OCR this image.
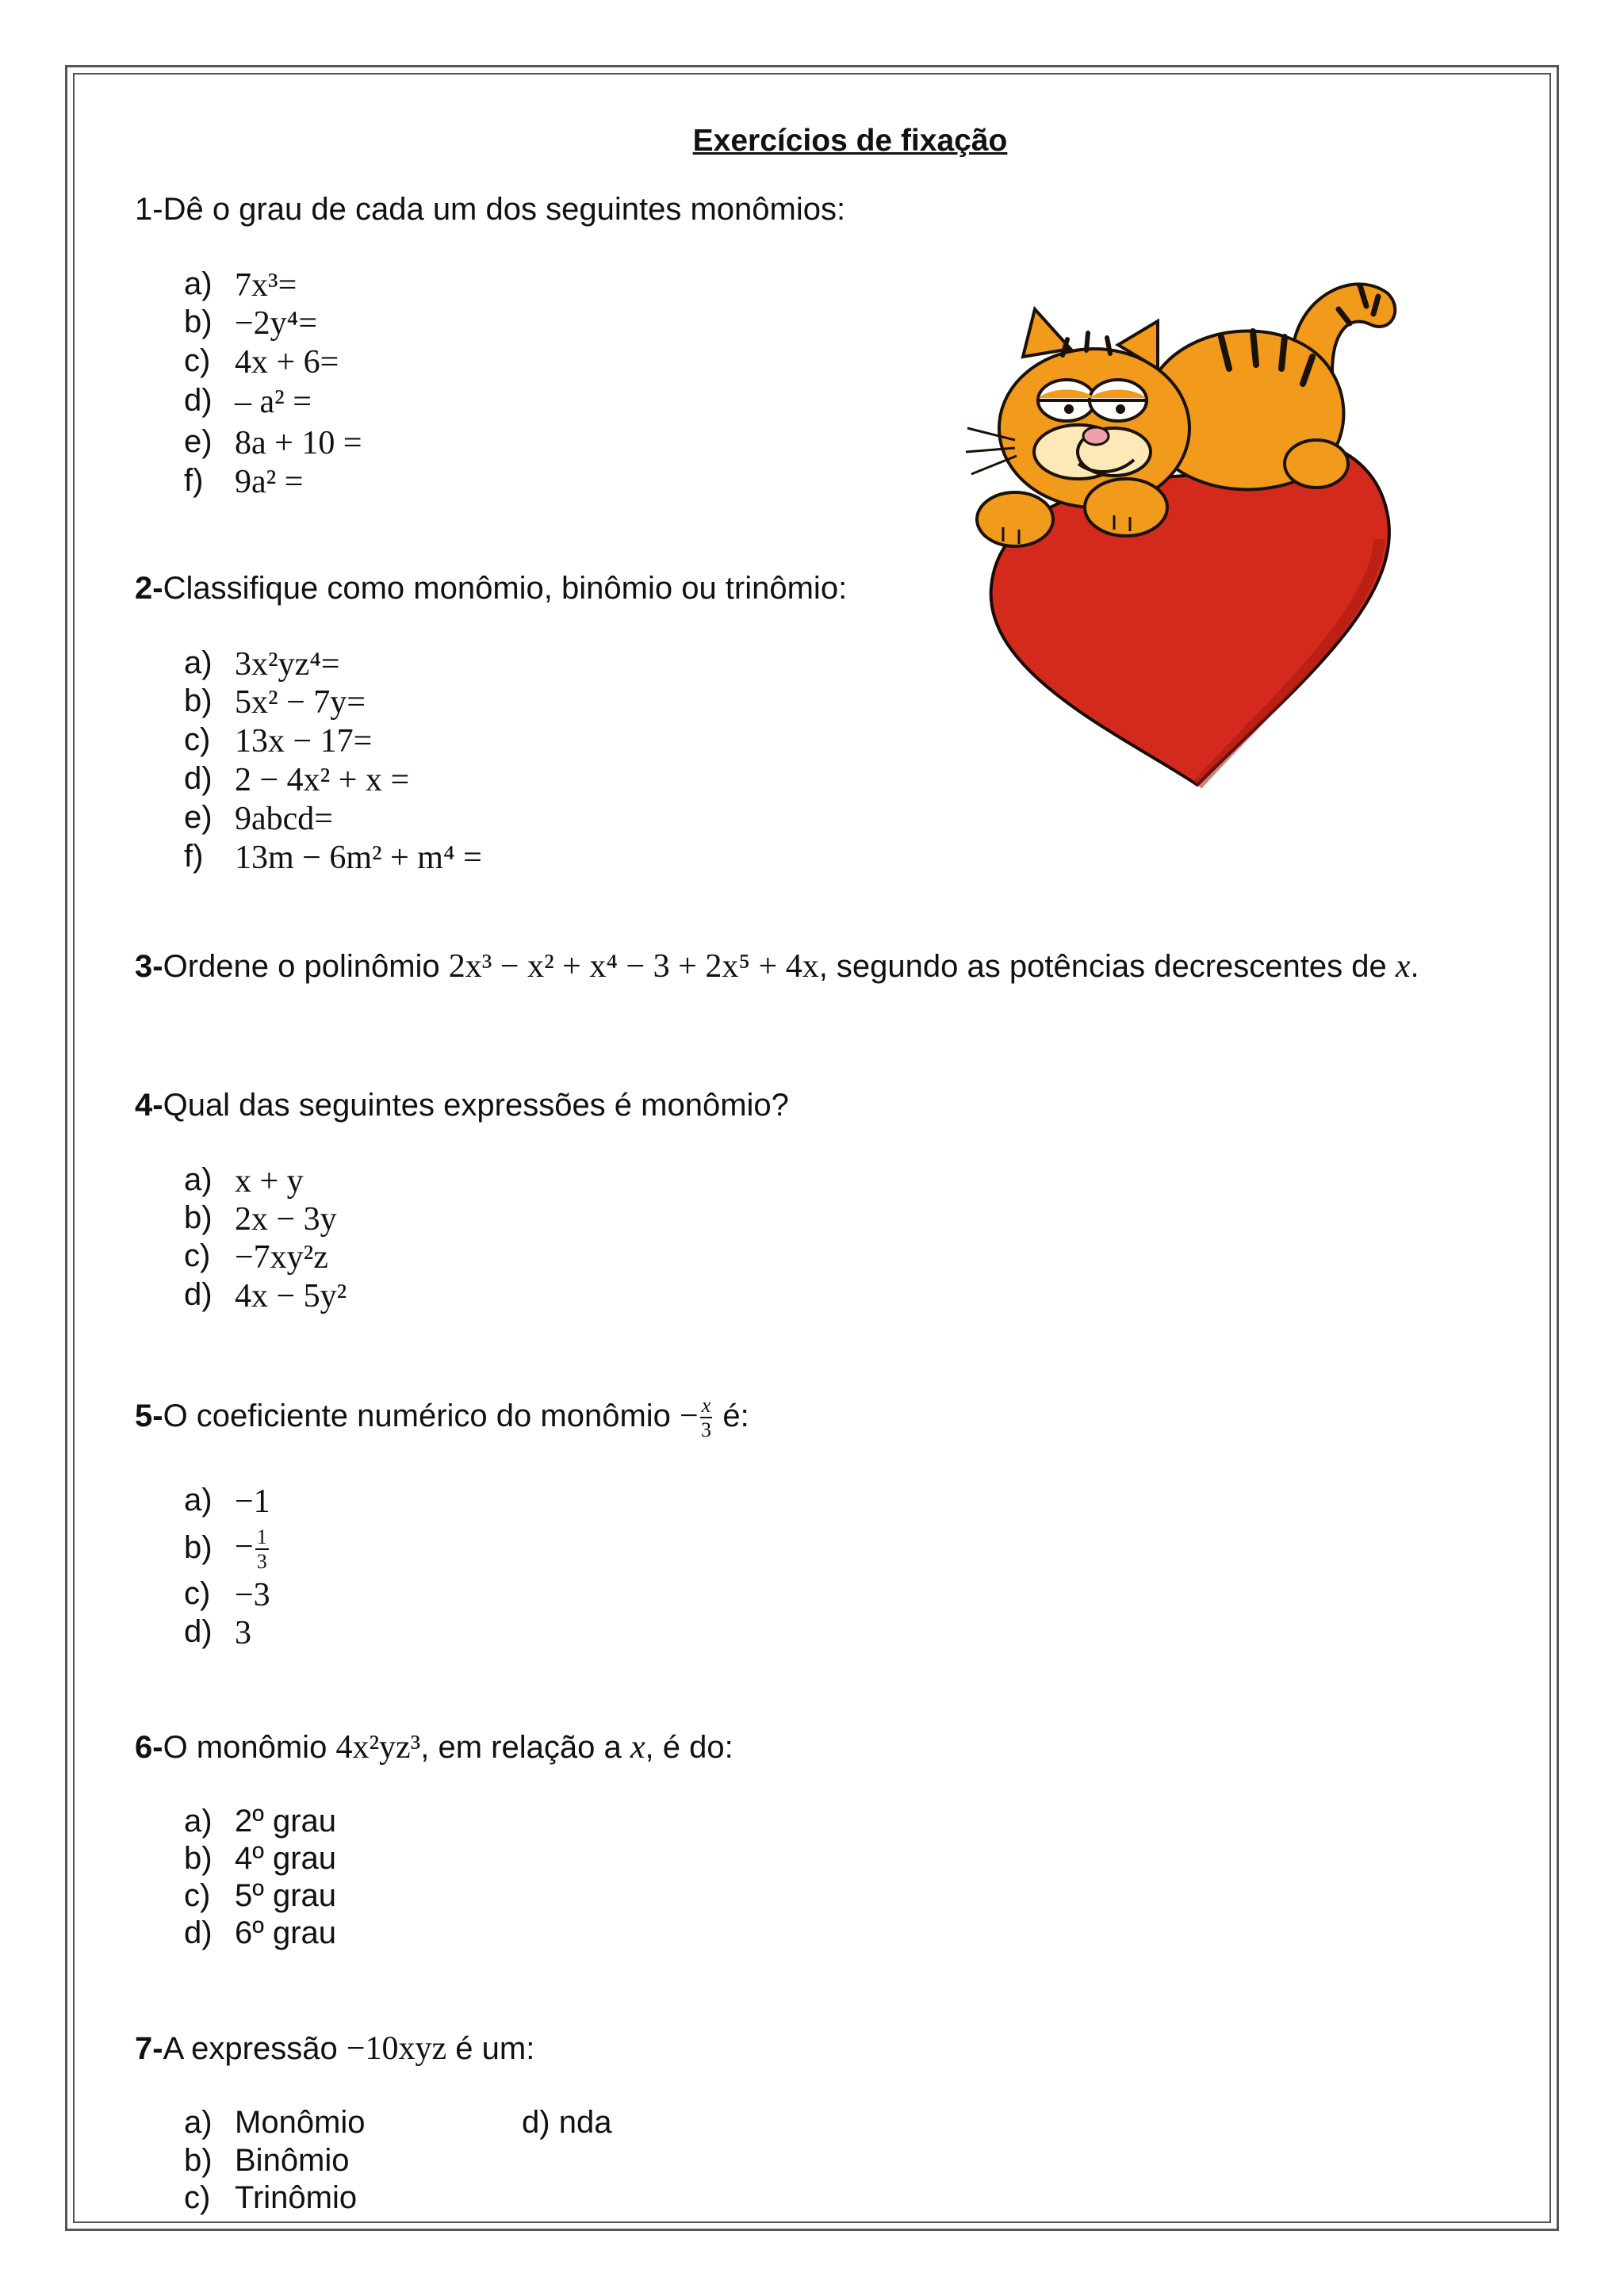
Exercícios de fixação
1-Dê o grau de cada um dos seguintes monômios:
a) 7x³=
b) −2y⁴=
c) 4x + 6=
d) – a² =
e) 8a + 10 =
f) 9a² =
2-Classifique como monômio, binômio ou trinômio:
a) 3x²yz⁴=
b) 5x² − 7y=
c) 13x − 17=
d) 2 − 4x² + x =
e) 9abcd=
f) 13m − 6m² + m⁴ =
3-Ordene o polinômio 2x³ − x² + x⁴ − 3 + 2x⁵ + 4x, segundo as potências decrescentes de x.
4-Qual das seguintes expressões é monômio?
a) x + y
b) 2x − 3y
c) −7xy²z
d) 4x − 5y²
5-O coeficiente numérico do monômio − $\frac{x}{3}$ é:
a) −1
$b) - \frac{1}{3}$
c) −3
d) 3
6-O monômio 4x²yz³, em relação a x, é do:
a) 2º grau
b) 4º grau
c) 5º grau
d) 6º grau
7-A expressão −10xyz é um:
a) Monômio
b) Binômio
c) Trinômio
d) nda
